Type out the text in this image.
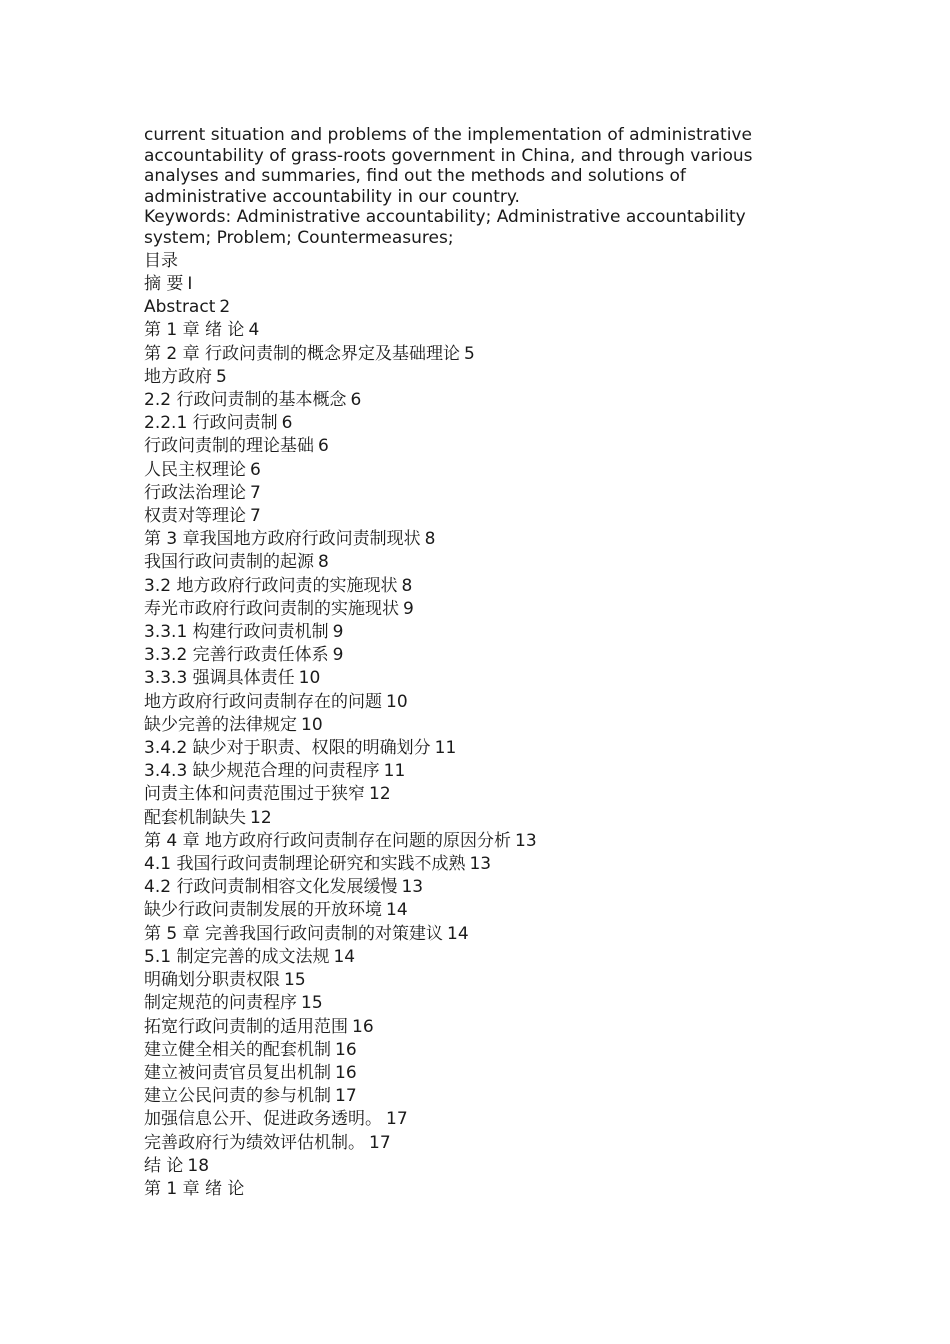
current situation and problems of the implementation of administrative accountability of grass-roots government in China, and through various analyses and summaries, find out the methods and solutions of administrative accountability in our country.

Keywords: Administrative accountability; Administrative accountability system; Problem; Countermeasures;

目录
摘 要 I
Abstract 2
第 1 章 绪 论 4
第 2 章 行政问责制的概念界定及基础理论 5
地方政府 5
2.2 行政问责制的基本概念 6
2.2.1 行政问责制 6
行政问责制的理论基础 6
人民主权理论 6
行政法治理论 7
权责对等理论 7
第 3 章我国地方政府行政问责制现状 8
我国行政问责制的起源 8
3.2 地方政府行政问责的实施现状 8
寿光市政府行政问责制的实施现状 9
3.3.1 构建行政问责机制 9
3.3.2 完善行政责任体系 9
3.3.3 强调具体责任 10
地方政府行政问责制存在的问题 10
缺少完善的法律规定 10
3.4.2 缺少对于职责、权限的明确划分 11
3.4.3 缺少规范合理的问责程序 11
问责主体和问责范围过于狭窄 12
配套机制缺失 12
第 4 章 地方政府行政问责制存在问题的原因分析 13
4.1 我国行政问责制理论研究和实践不成熟 13
4.2 行政问责制相容文化发展缓慢 13
缺少行政问责制发展的开放环境 14
第 5 章 完善我国行政问责制的对策建议 14
5.1 制定完善的成文法规 14
明确划分职责权限 15
制定规范的问责程序 15
拓宽行政问责制的适用范围 16
建立健全相关的配套机制 16
建立被问责官员复出机制 16
建立公民问责的参与机制 17
加强信息公开、促进政务透明。 17
完善政府行为绩效评估机制。 17
结 论 18
第 1 章 绪 论
